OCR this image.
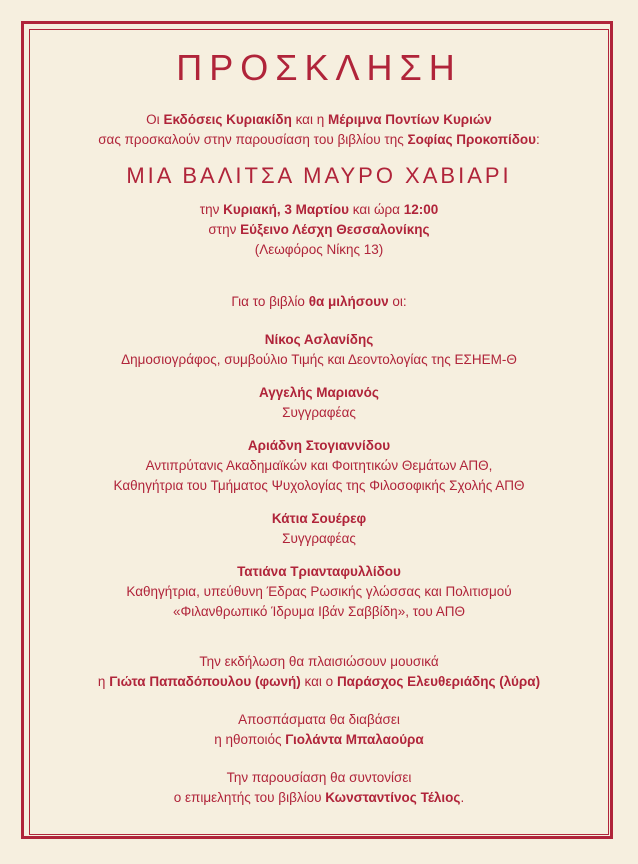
ΠΡΟΣΚΛΗΣΗ
Οι Εκδόσεις Κυριακίδη και η Μέριμνα Ποντίων Κυριών
σας προσκαλούν στην παρουσίαση του βιβλίου της Σοφίας Προκοπίδου:
ΜΙΑ ΒΑΛΙΤΣΑ ΜΑΥΡΟ ΧΑΒΙΑΡΙ
την Κυριακή, 3 Μαρτίου και ώρα 12:00
στην Εύξεινο Λέσχη Θεσσαλονίκης
(Λεωφόρος Νίκης 13)
Για το βιβλίο θα μιλήσουν οι:
Νίκος Ασλανίδης
Δημοσιογράφος, συμβούλιο Τιμής και Δεοντολογίας της ΕΣΗΕΜ-Θ
Αγγελής Μαριανός
Συγγραφέας
Αριάδνη Στογιαννίδου
Αντιπρύτανις Ακαδημαϊκών και Φοιτητικών Θεμάτων ΑΠΘ,
Καθηγήτρια του Τμήματος Ψυχολογίας της Φιλοσοφικής Σχολής ΑΠΘ
Κάτια Σουέρεφ
Συγγραφέας
Τατιάνα Τριανταφυλλίδου
Καθηγήτρια, υπεύθυνη Έδρας Ρωσικής γλώσσας και Πολιτισμού
«Φιλανθρωπικό Ίδρυμα Ιβάν Σαββίδη», του ΑΠΘ
Την εκδήλωση θα πλαισιώσουν μουσικά
η Γιώτα Παπαδόπουλου (φωνή) και ο Παράσχος Ελευθεριάδης (λύρα)
Αποσπάσματα θα διαβάσει
η ηθοποιός Γιολάντα Μπαλαούρα
Την παρουσίαση θα συντονίσει
ο επιμελητής του βιβλίου Κωνσταντίνος Τέλιος.
